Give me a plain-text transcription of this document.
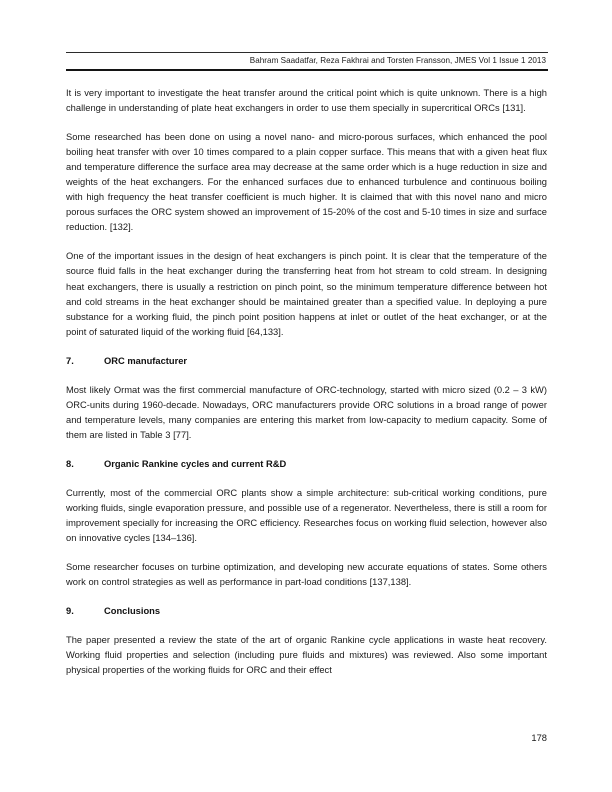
Bahram Saadatfar, Reza Fakhrai and Torsten Fransson, JMES Vol 1 Issue 1 2013

It is very important to investigate the heat transfer around the critical point which is quite unknown. There is a high challenge in understanding of plate heat exchangers in order to use them specially in supercritical ORCs [131].

Some researched has been done on using a novel nano- and micro-porous surfaces, which enhanced the pool boiling heat transfer with over 10 times compared to a plain copper surface. This means that with a given heat flux and temperature difference the surface area may decrease at the same order which is a huge reduction in size and weights of the heat exchangers. For the enhanced surfaces due to enhanced turbulence and continuous boiling with high frequency the heat transfer coefficient is much higher. It is claimed that with this novel nano and micro porous surfaces the ORC system showed an improvement of 15-20% of the cost and 5-10 times in size and surface reduction. [132].

One of the important issues in the design of heat exchangers is pinch point. It is clear that the temperature of the source fluid falls in the heat exchanger during the transferring heat from hot stream to cold stream. In designing heat exchangers, there is usually a restriction on pinch point, so the minimum temperature difference between hot and cold streams in the heat exchanger should be maintained greater than a specified value. In deploying a pure substance for a working fluid, the pinch point position happens at inlet or outlet of the heat exchanger, or at the point of saturated liquid of the working fluid [64,133].

7.	ORC manufacturer

Most likely Ormat was the first commercial manufacture of ORC-technology, started with micro sized (0.2 – 3 kW) ORC-units during 1960-decade. Nowadays, ORC manufacturers provide ORC solutions in a broad range of power and temperature levels, many companies are entering this market from low-capacity to medium capacity. Some of them are listed in Table 3 [77].

8.	Organic Rankine cycles and current R&D

Currently, most of the commercial ORC plants show a simple architecture: sub-critical working conditions, pure working fluids, single evaporation pressure, and possible use of a regenerator. Nevertheless, there is still a room for improvement specially for increasing the ORC efficiency. Researches focus on working fluid selection, however also on innovative cycles [134–136].

Some researcher focuses on turbine optimization, and developing new accurate equations of states. Some others work on control strategies as well as performance in part-load conditions [137,138].

9.	Conclusions

The paper presented a review the state of the art of organic Rankine cycle applications in waste heat recovery. Working fluid properties and selection (including pure fluids and mixtures) was reviewed. Also some important physical properties of the working fluids for ORC and their effect

178
